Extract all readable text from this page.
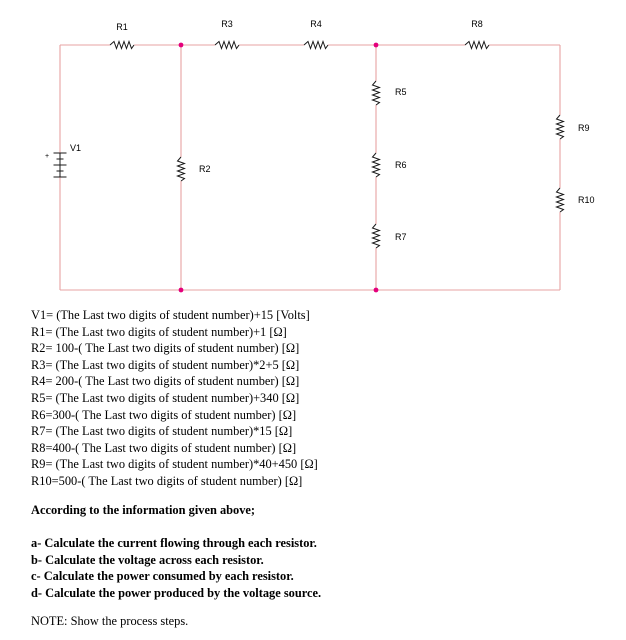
R1
R2
R3	R4
R5
R6
R7
R8
R9
R10
+
V1
V1= (The Last two digits of student number)+15 [Volts]
R1= (The Last two digits of student number)+1 [Ω]
R2= 100-( The Last two digits of student number) [Ω]
R3= (The Last two digits of student number)*2+5 [Ω]
R4= 200-( The Last two digits of student number) [Ω]
R5= (The Last two digits of student number)+340 [Ω]
R6=300-( The Last two digits of student number) [Ω]
R7= (The Last two digits of student number)*15 [Ω]
R8=400-( The Last two digits of student number) [Ω]
R9= (The Last two digits of student number)*40+450 [Ω]
R10=500-( The Last two digits of student number) [Ω]
According to the information given above;
a- Calculate the current flowing through each resistor.
b- Calculate the voltage across each resistor.
c- Calculate the power consumed by each resistor.
d- Calculate the power produced by the voltage source.
NOTE: Show the process steps.
